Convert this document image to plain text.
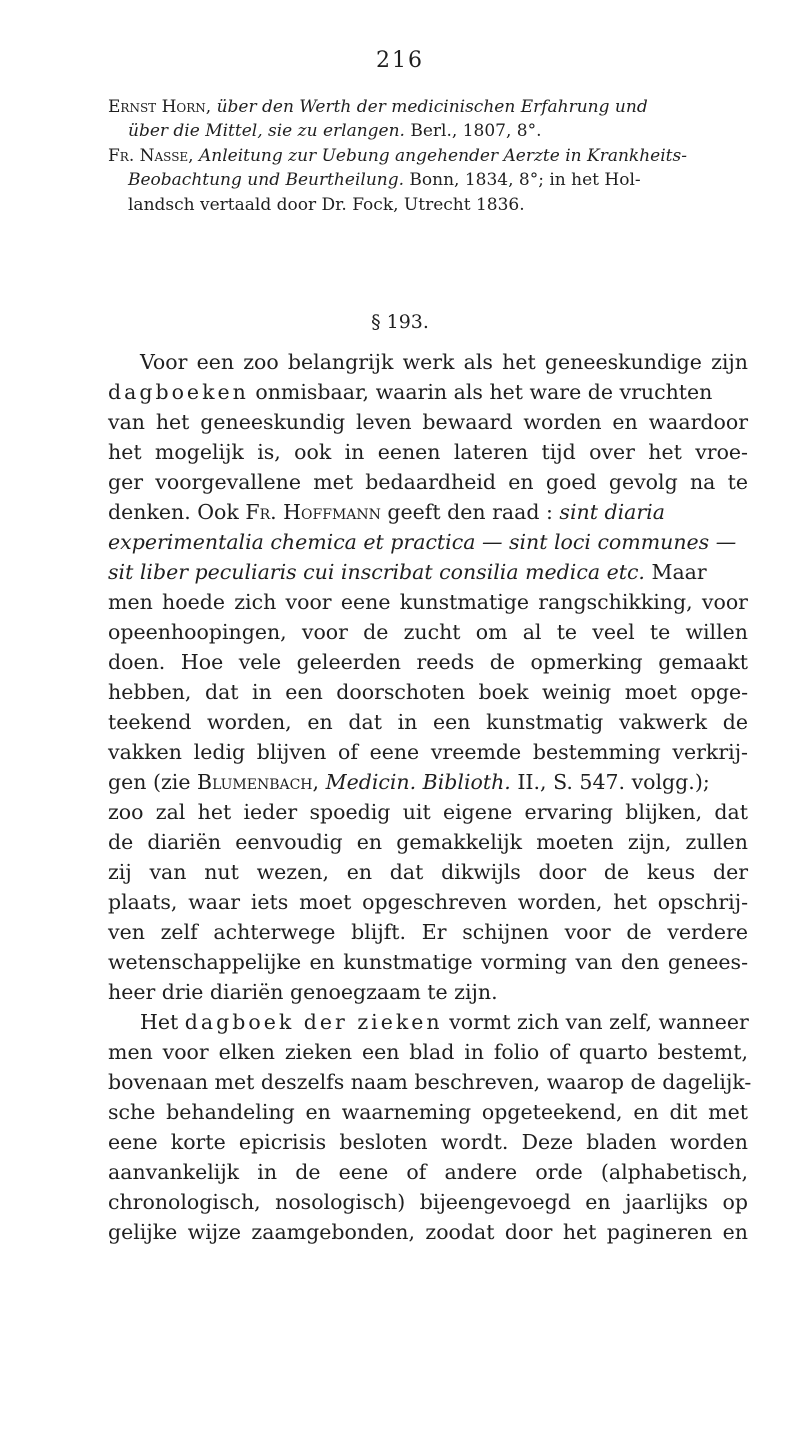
216
Ernst Horn, über den Werth der medicinischen Erfahrung und
über die Mittel, sie zu erlangen. Berl., 1807, 8°.
Fr. Nasse, Anleitung zur Uebung angehender Aerzte in Krankheits-
Beobachtung und Beurtheilung. Bonn, 1834, 8°; in het Hol-
landsch vertaald door Dr. Fock, Utrecht 1836.
§ 193.
Voor een zoo belangrijk werk als het geneeskundige zijn
dagboeken onmisbaar, waarin als het ware de vruchten
van het geneeskundig leven bewaard worden en waardoor
het mogelijk is, ook in eenen lateren tijd over het vroe-
ger voorgevallene met bedaardheid en goed gevolg na te
denken. Ook Fr. Hoffmann geeft den raad : sint diaria
experimentalia chemica et practica — sint loci communes —
sit liber peculiaris cui inscribat consilia medica etc. Maar
men hoede zich voor eene kunstmatige rangschikking, voor
opeenhoopingen, voor de zucht om al te veel te willen
doen. Hoe vele geleerden reeds de opmerking gemaakt
hebben, dat in een doorschoten boek weinig moet opge-
teekend worden, en dat in een kunstmatig vakwerk de
vakken ledig blijven of eene vreemde bestemming verkrij-
gen (zie Blumenbach, Medicin. Biblioth. II., S. 547. volgg.);
zoo zal het ieder spoedig uit eigene ervaring blijken, dat
de diariën eenvoudig en gemakkelijk moeten zijn, zullen
zij van nut wezen, en dat dikwijls door de keus der
plaats, waar iets moet opgeschreven worden, het opschrij-
ven zelf achterwege blijft. Er schijnen voor de verdere
wetenschappelijke en kunstmatige vorming van den genees-
heer drie diariën genoegzaam te zijn.
Het dagboek der zieken vormt zich van zelf, wanneer
men voor elken zieken een blad in folio of quarto bestemt,
bovenaan met deszelfs naam beschreven, waarop de dagelijk-
sche behandeling en waarneming opgeteekend, en dit met
eene korte epicrisis besloten wordt. Deze bladen worden
aanvankelijk in de eene of andere orde (alphabetisch,
chronologisch, nosologisch) bijeengevoegd en jaarlijks op
gelijke wijze zaamgebonden, zoodat door het pagineren en
